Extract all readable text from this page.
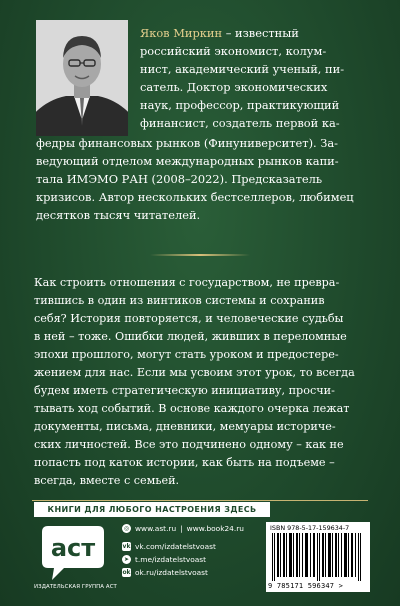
Яков Миркин – известный
российский экономист, колум-
нист, академический ученый, пи-
сатель. Доктор экономических
наук, профессор, практикующий
финансист, создатель первой ка-
федры финансовых рынков (Финуниверситет). За-
ведующий отделом международных рынков капи-
тала ИМЭМО РАН (2008–2022). Предсказатель
кризисов. Автор нескольких бестселлеров, любимец
десятков тысяч читателей.
Как строить отношения с государством, не превра-
тившись в один из винтиков системы и сохранив
себя? История повторяется, и человеческие судьбы
в ней – тоже. Ошибки людей, живших в переломные
эпохи прошлого, могут стать уроком и предостере-
жением для нас. Если мы усвоим этот урок, то всегда
будем иметь стратегическую инициативу, просчи-
тывать ход событий. В основе каждого очерка лежат
документы, письма, дневники, мемуары историче-
ских личностей. Все это подчинено одному – как не
попасть под каток истории, как быть на подъеме –
всегда, вместе с семьей.
КНИГИ ДЛЯ ЛЮБОГО НАСТРОЕНИЯ ЗДЕСЬ
аст
ИЗДАТЕЛЬСКАЯ ГРУППА АСТ
◎ www.ast.ru | www.book24.ru
vk vk.com/izdatelstvoast
➤ t.me/izdatelstvoast
ok ok.ru/izdatelstvoast
ISBN 978-5-17-159634-7
9 785171 596347 >
